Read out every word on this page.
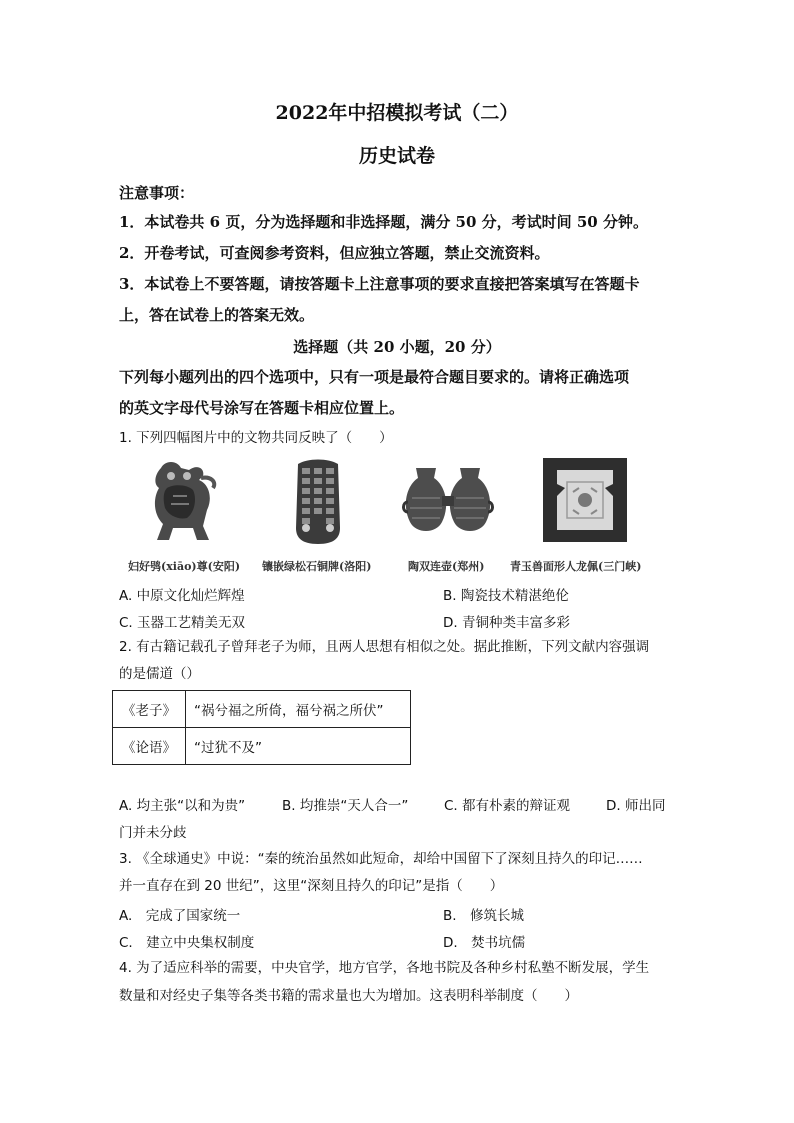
2022年中招模拟考试（二）
历史试卷
注意事项：
1．本试卷共 6 页，分为选择题和非选择题，满分 50 分，考试时间 50 分钟。
2．开卷考试，可查阅参考资料，但应独立答题，禁止交流资料。
3．本试卷上不要答题，请按答题卡上注意事项的要求直接把答案填写在答题卡
上，答在试卷上的答案无效。
选择题（共 20 小题，20 分）
下列每小题列出的四个选项中，只有一项是最符合题目要求的。请将正确选项
的英文字母代号涂写在答题卡相应位置上。
1. 下列四幅图片中的文物共同反映了（　　）
妇好鸮(xiāo)尊(安阳) 镶嵌绿松石铜牌(洛阳)	陶双连壶(郑州) 青玉兽面形人龙佩(三门峡)
A. 中原文化灿烂辉煌	B. 陶瓷技术精湛绝伦
C. 玉器工艺精美无双	D. 青铜种类丰富多彩
2. 有古籍记载孔子曾拜老子为师，且两人思想有相似之处。据此推断，下列文献内容强调
的是儒道（）
《老子》	“祸兮福之所倚，福兮祸之所伏”
《论语》	“过犹不及”
A. 均主张“以和为贵”	B. 均推崇“天人合一”	C. 都有朴素的辩证观	D. 师出同
门并未分歧
3. 《全球通史》中说：“秦的统治虽然如此短命，却给中国留下了深刻且持久的印记……
并一直存在到 20 世纪”，这里“深刻且持久的印记”是指（　　）
A.　完成了国家统一	B.　修筑长城
C.　建立中央集权制度	D.　焚书坑儒
4. 为了适应科举的需要，中央官学，地方官学，各地书院及各种乡村私塾不断发展，学生
数量和对经史子集等各类书籍的需求量也大为增加。这表明科举制度（　　）
